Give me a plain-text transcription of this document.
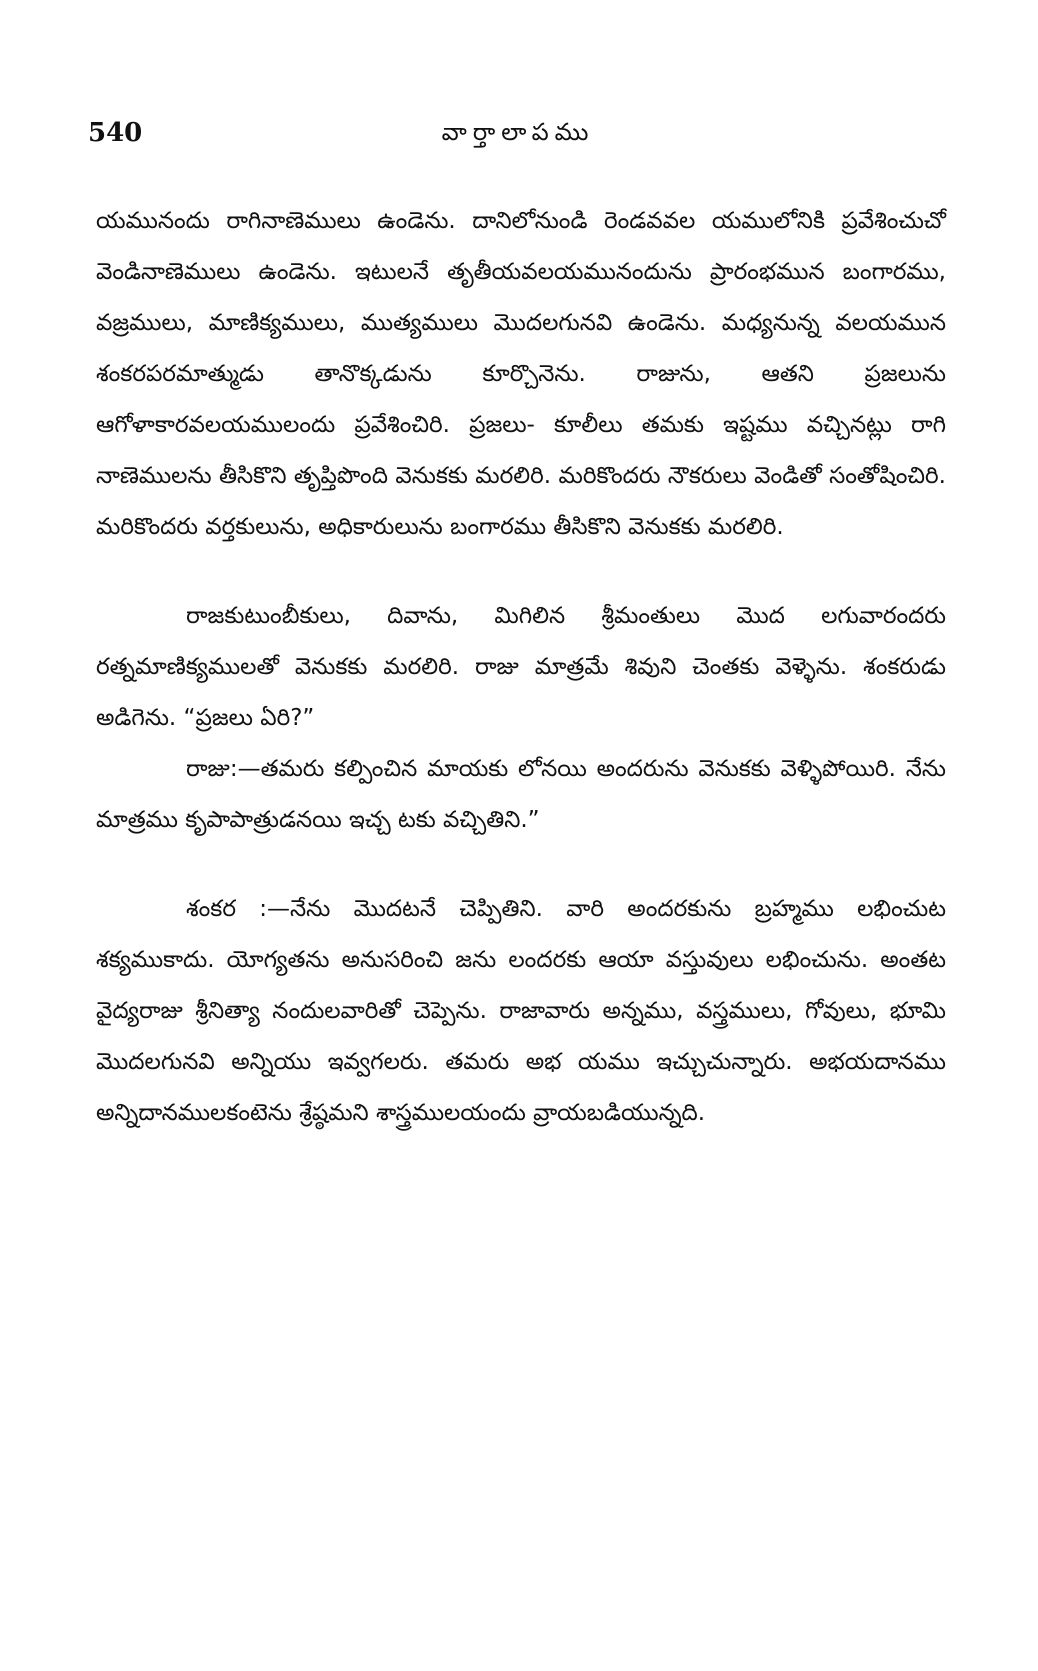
540	వార్తాలాపము

యమునందు రాగినాణెములు ఉండెను. దానిలోనుండి రెండవవల యములోనికి ప్రవేశించుచో వెండినాణెములు ఉండెను. ఇటులనే తృతీయవలయమునందును ప్రారంభమున బంగారము, వజ్రములు, మాణిక్యములు, ముత్యములు మొదలగునవి ఉండెను. మధ్యనున్న వలయమున శంకరపరమాత్ముడు తానొక్కడును కూర్చొనెను. రాజును, ఆతని ప్రజలును ఆగోళాకారవలయములందు ప్రవేశించిరి. ప్రజలు- కూలీలు తమకు ఇష్టము వచ్చినట్లు రాగి నాణెములను తీసికొని తృప్తిపొంది వెనుకకు మరలిరి. మరికొందరు నౌకరులు వెండితో సంతోషించిరి. మరికొందరు వర్తకులును, అధికారులును బంగారము తీసికొని వెనుకకు మరలిరి.

రాజకుటుంబీకులు, దివాను, మిగిలిన శ్రీమంతులు మొద లగువారందరు రత్నమాణిక్యములతో వెనుకకు మరలిరి. రాజు మాత్రమే శివుని చెంతకు వెళ్ళెను. శంకరుడు అడిగెను. “ప్రజలు ఏరి?”

రాజు:—తమరు కల్పించిన మాయకు లోనయి అందరును వెనుకకు వెళ్ళిపోయిరి. నేను మాత్రము కృపాపాత్రుడనయి ఇచ్చ టకు వచ్చితిని.”

శంకర :—నేను మొదటనే చెప్పితిని. వారి అందరకును బ్రహ్మము లభించుట శక్యముకాదు. యోగ్యతను అనుసరించి జను లందరకు ఆయా వస్తువులు లభించును. అంతట వైద్యరాజు శ్రీనిత్యా నందులవారితో చెప్పెను. రాజావారు అన్నము, వస్త్రములు, గోవులు, భూమి మొదలగునవి అన్నియు ఇవ్వగలరు. తమరు అభ యము ఇచ్చుచున్నారు. అభయదానము అన్నిదానములకంటెను శ్రేష్ఠమని శాస్త్రములయందు వ్రాయబడియున్నది.
